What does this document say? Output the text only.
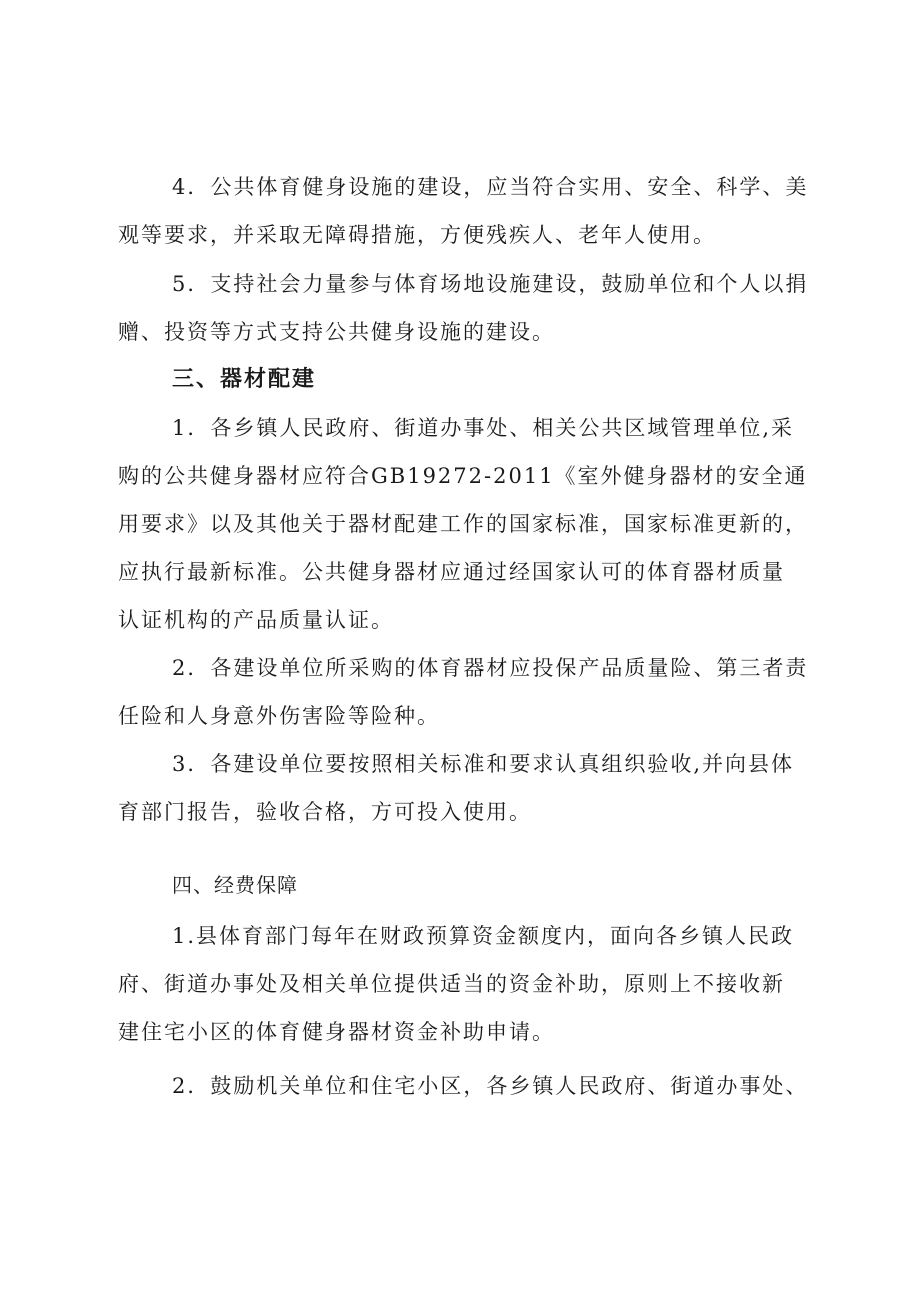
4．公共体育健身设施的建设，应当符合实用、安全、科学、美
观等要求，并采取无障碍措施，方便残疾人、老年人使用。
5．支持社会力量参与体育场地设施建设，鼓励单位和个人以捐
赠、投资等方式支持公共健身设施的建设。
三、器材配建
1．各乡镇人民政府、街道办事处、相关公共区域管理单位,采
购的公共健身器材应符合GB19272-2011《室外健身器材的安全通
用要求》以及其他关于器材配建工作的国家标准，国家标准更新的，
应执行最新标准。公共健身器材应通过经国家认可的体育器材质量
认证机构的产品质量认证。
2．各建设单位所采购的体育器材应投保产品质量险、第三者责
任险和人身意外伤害险等险种。
3．各建设单位要按照相关标准和要求认真组织验收,并向县体
育部门报告，验收合格，方可投入使用。
四、经费保障
1.县体育部门每年在财政预算资金额度内，面向各乡镇人民政
府、街道办事处及相关单位提供适当的资金补助，原则上不接收新
建住宅小区的体育健身器材资金补助申请。
2．鼓励机关单位和住宅小区，各乡镇人民政府、街道办事处、
